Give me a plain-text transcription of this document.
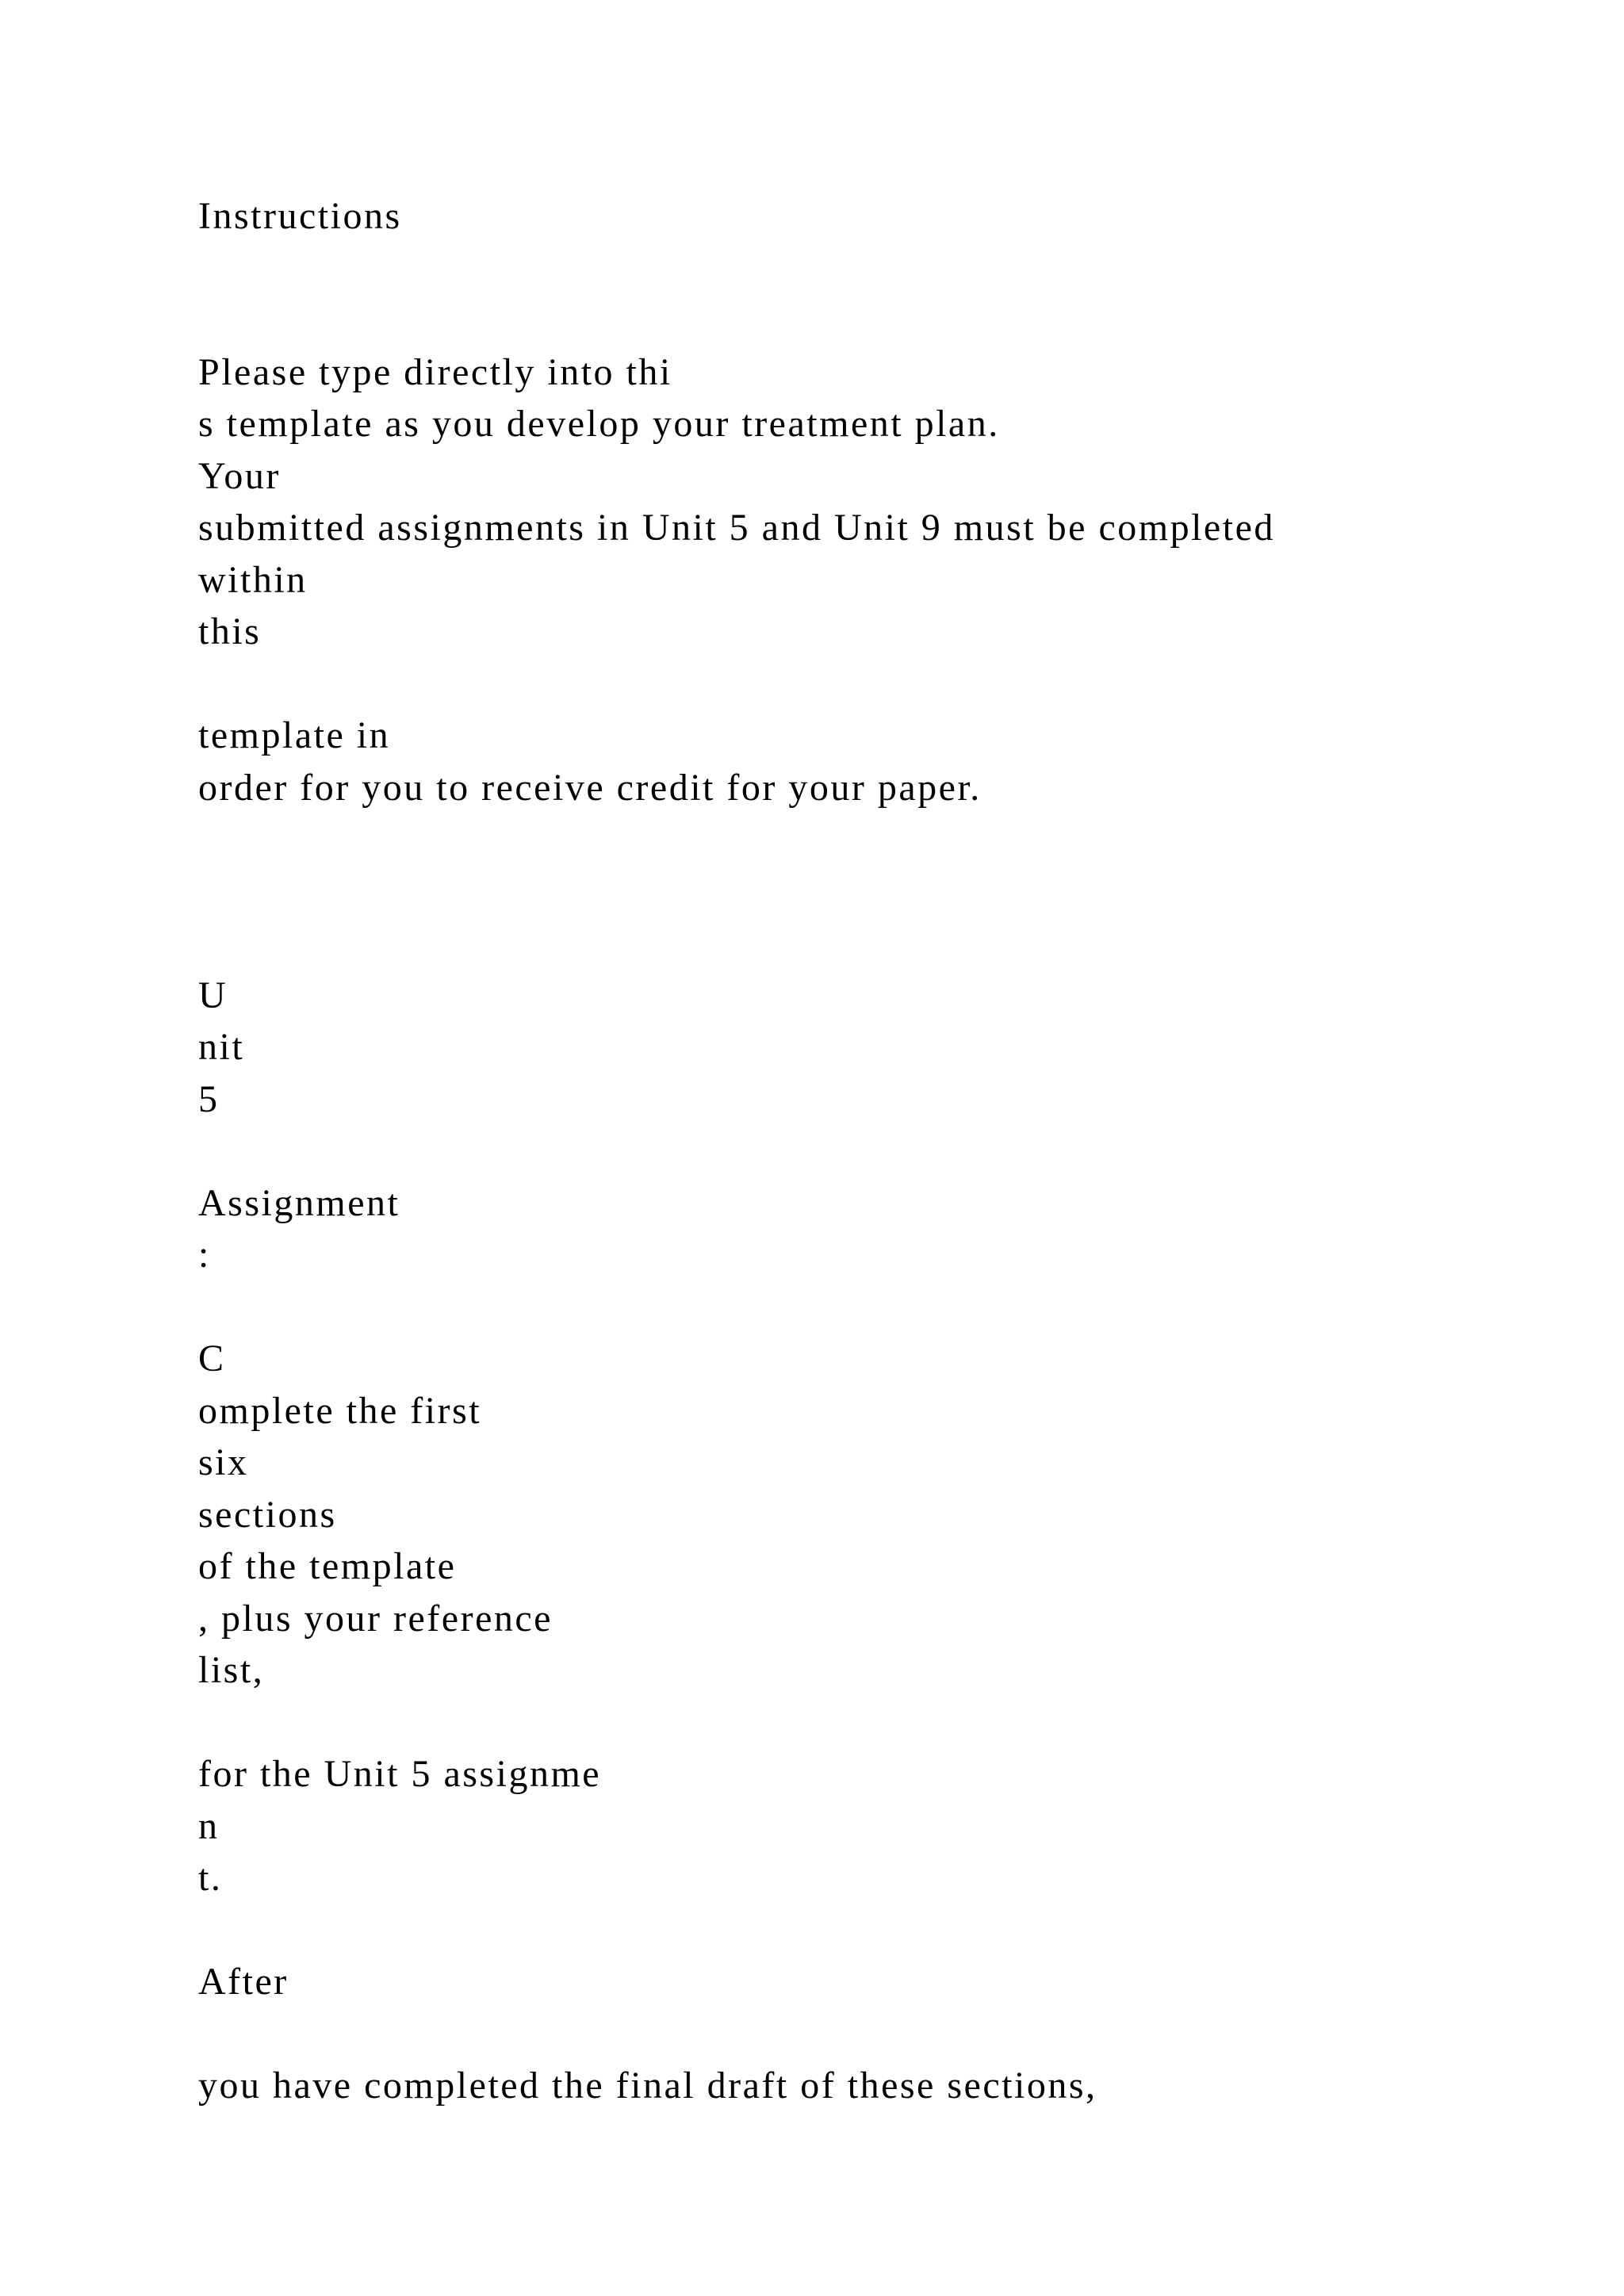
Instructions
Please type directly into thi
s template as you develop your treatment plan.
Your
submitted assignments in Unit 5 and Unit 9 must be completed
within
this
template in
order for you to receive credit for your paper.
U
nit
5
Assignment
:
C
omplete the first
six
sections
of the template
, plus your reference
list,
for the Unit 5 assignme
n
t.
After
you have completed the final draft of these sections,
